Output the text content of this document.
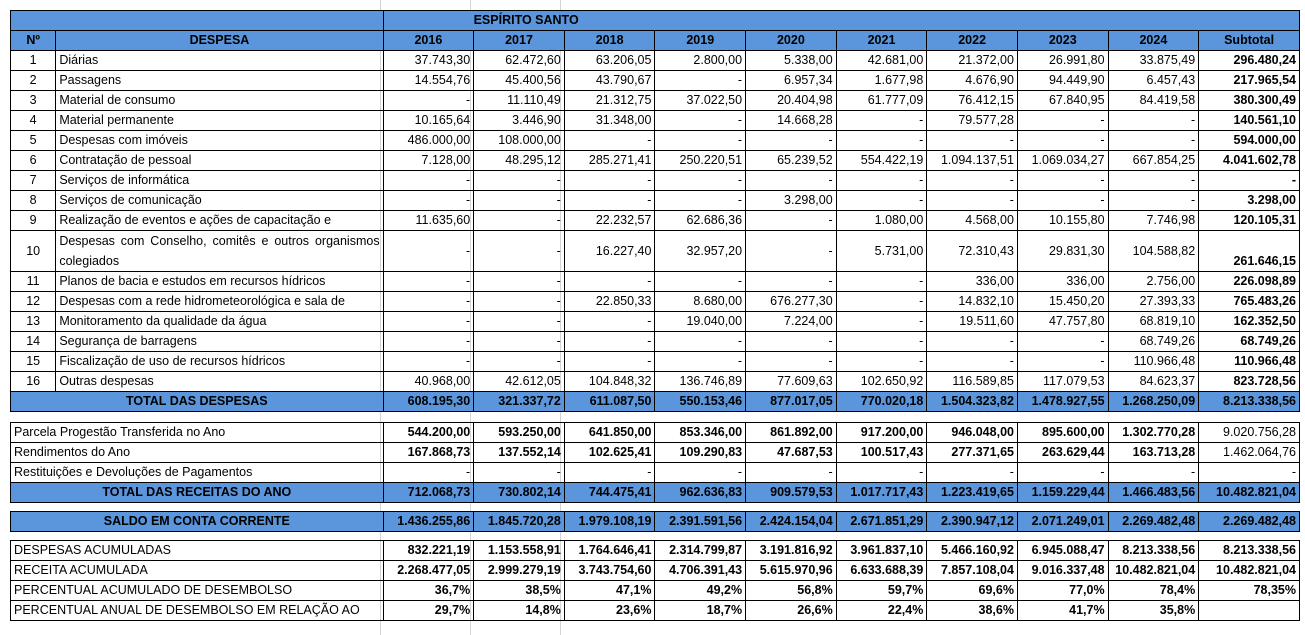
		ESPÍRITO SANTO									
Nº	DESPESA	2016	2017	2018	2019	2020	2021	2022	2023	2024	Subtotal
1	Diárias	37.743,30	62.472,60	63.206,05	2.800,00	5.338,00	42.681,00	21.372,00	26.991,80	33.875,49	296.480,24
2	Passagens	14.554,76	45.400,56	43.790,67	-	6.957,34	1.677,98	4.676,90	94.449,90	6.457,43	217.965,54
3	Material de consumo	-	11.110,49	21.312,75	37.022,50	20.404,98	61.777,09	76.412,15	67.840,95	84.419,58	380.300,49
4	Material permanente	10.165,64	3.446,90	31.348,00	-	14.668,28	-	79.577,28	-	-	140.561,10
5	Despesas com imóveis	486.000,00	108.000,00	-	-	-	-	-	-	-	594.000,00
6	Contratação de pessoal	7.128,00	48.295,12	285.271,41	250.220,51	65.239,52	554.422,19	1.094.137,51	1.069.034,27	667.854,25	4.041.602,78
7	Serviços de informática	-	-	-	-	-	-	-	-	-	-
8	Serviços de comunicação	-	-	-	-	3.298,00	-	-	-	-	3.298,00
9	Realização de eventos e ações de capacitação e	11.635,60	-	22.232,57	62.686,36	-	1.080,00	4.568,00	10.155,80	7.746,98	120.105,31
10	Despesas com Conselho, comitês e outros organismos colegiados	-	-	16.227,40	32.957,20	-	5.731,00	72.310,43	29.831,30	104.588,82	261.646,15
11	Planos de bacia e estudos em recursos hídricos	-	-	-	-	-	-	336,00	336,00	2.756,00	226.098,89
12	Despesas com a rede hidrometeorológica e sala de	-	-	22.850,33	8.680,00	676.277,30	-	14.832,10	15.450,20	27.393,33	765.483,26
13	Monitoramento da qualidade da água	-	-	-	19.040,00	7.224,00	-	19.511,60	47.757,80	68.819,10	162.352,50
14	Segurança de barragens	-	-	-	-	-	-	-	-	68.749,26	68.749,26
15	Fiscalização de uso de recursos hídricos	-	-	-	-	-	-	-	-	110.966,48	110.966,48
16	Outras despesas	40.968,00	42.612,05	104.848,32	136.746,89	77.609,63	102.650,92	116.589,85	117.079,53	84.623,37	823.728,56
TOTAL DAS DESPESAS		608.195,30	321.337,72	611.087,50	550.153,46	877.017,05	770.020,18	1.504.323,82	1.478.927,55	1.268.250,09	8.213.338,56
Parcela Progestão Transferida no Ano	544.200,00	593.250,00	641.850,00	853.346,00	861.892,00	917.200,00	946.048,00	895.600,00	1.302.770,28	9.020.756,28
Rendimentos do Ano	167.868,73	137.552,14	102.625,41	109.290,83	47.687,53	100.517,43	277.371,65	263.629,44	163.713,28	1.462.064,76
Restituições e Devoluções de Pagamentos	-	-	-	-	-	-	-	-	-	-
TOTAL DAS RECEITAS DO ANO	712.068,73	730.802,14	744.475,41	962.636,83	909.579,53	1.017.717,43	1.223.419,65	1.159.229,44	1.466.483,56	10.482.821,04
SALDO EM CONTA CORRENTE	1.436.255,86	1.845.720,28	1.979.108,19	2.391.591,56	2.424.154,04	2.671.851,29	2.390.947,12	2.071.249,01	2.269.482,48	2.269.482,48
DESPESAS ACUMULADAS	832.221,19	1.153.558,91	1.764.646,41	2.314.799,87	3.191.816,92	3.961.837,10	5.466.160,92	6.945.088,47	8.213.338,56	8.213.338,56
RECEITA ACUMULADA	2.268.477,05	2.999.279,19	3.743.754,60	4.706.391,43	5.615.970,96	6.633.688,39	7.857.108,04	9.016.337,48	10.482.821,04	10.482.821,04
PERCENTUAL ACUMULADO DE DESEMBOLSO	36,7%	38,5%	47,1%	49,2%	56,8%	59,7%	69,6%	77,0%	78,4%	78,35%
PERCENTUAL ANUAL DE DESEMBOLSO EM RELAÇÃO AO	29,7%	14,8%	23,6%	18,7%	26,6%	22,4%	38,6%	41,7%	35,8%	
